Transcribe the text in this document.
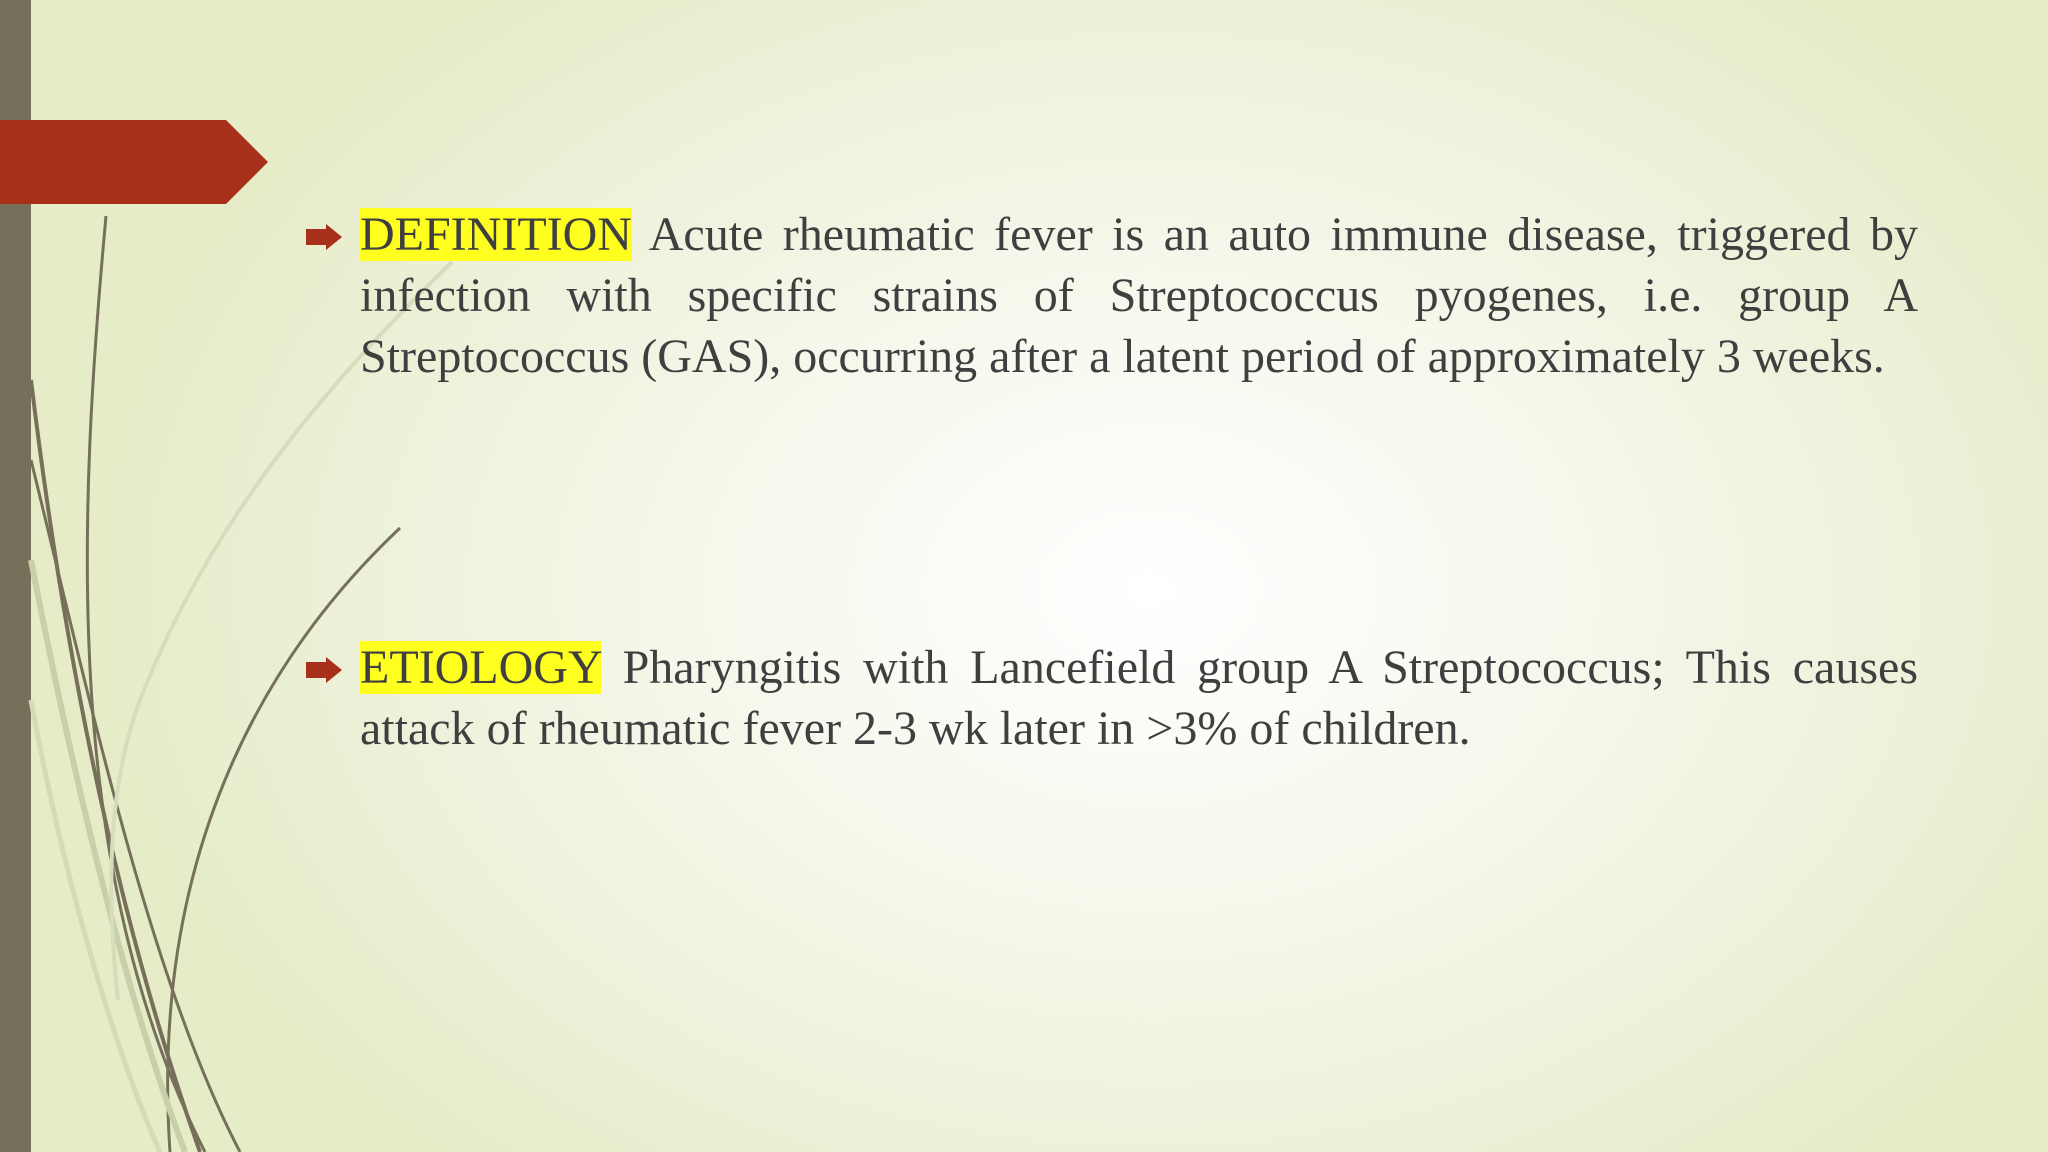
DEFINITION Acute rheumatic fever is an auto immune disease, triggered by infection with specific strains of Streptococcus pyogenes, i.e. group A Streptococcus (GAS), occurring after a latent period of approximately 3 weeks.
ETIOLOGY Pharyngitis with Lancefield group A Streptococcus; This causes attack of rheumatic fever 2-3 wk later in >3% of children.
